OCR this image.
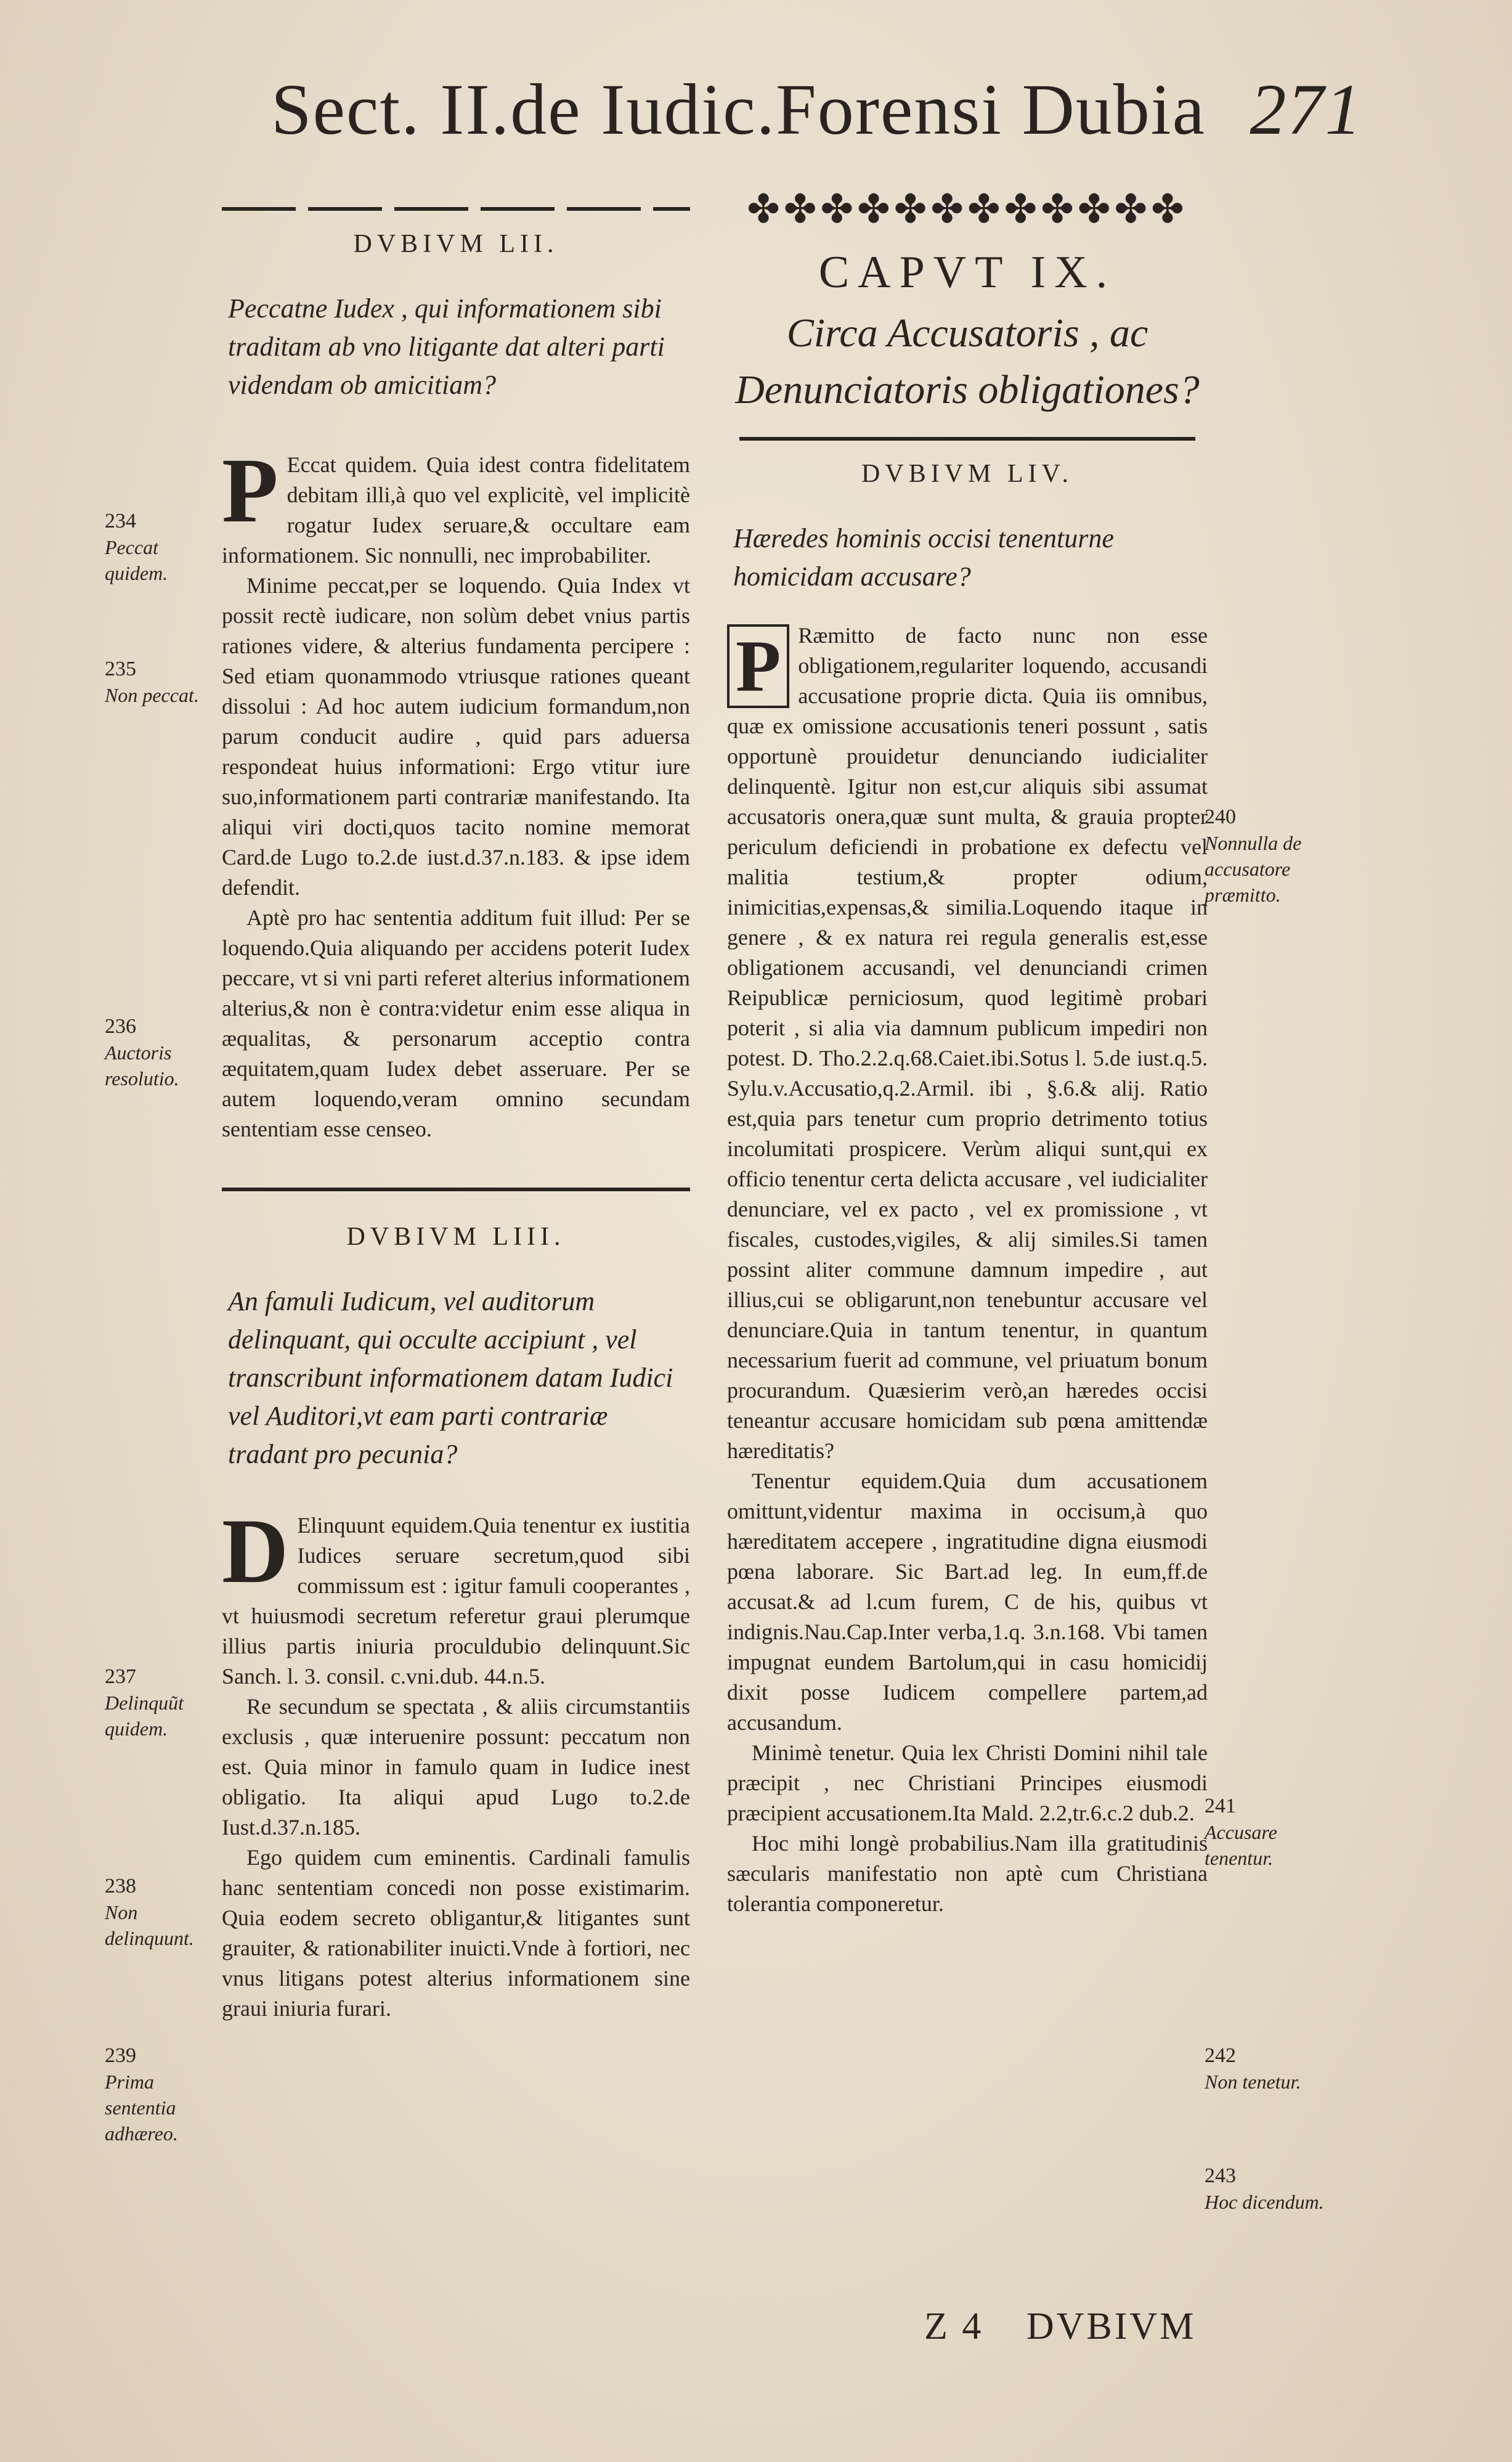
Sect. II.de Iudic.Forensi Dubia 271
DVBIVM LII.
Peccatne Iudex , qui informationem sibi traditam ab vno litigante dat alteri parti videndam ob amicitiam?

P Eccat quidem. Quia idest contra fidelitatem debitam illi,à quo vel explicitè, vel implicitè rogatur Iudex seruare,& occultare eam informationem. Sic nonnulli, nec improbabiliter.

Minime peccat,per se loquendo. Quia Index vt possit rectè iudicare, non solùm debet vnius partis rationes videre, & alterius fundamenta percipere : Sed etiam quonammodo vtriusque rationes queant dissolui : Ad hoc autem iudicium formandum,non parum conducit audire , quid pars aduersa respondeat huius informationi: Ergo vtitur iure suo,informationem parti contrariæ manifestando. Ita aliqui viri docti,quos tacito nomine memorat Card.de Lugo to.2.de iust.d.37.n.183. & ipse idem defendit.

Aptè pro hac sententia additum fuit illud: Per se loquendo.Quia aliquando per accidens poterit Iudex peccare, vt si vni parti referet alterius informationem alterius,& non è contra:videtur enim esse aliqua in æqualitas, & personarum acceptio contra æquitatem,quam Iudex debet asseruare. Per se autem loquendo,veram omnino secundam sententiam esse censeo.

DVBIVM LIII.
An famuli Iudicum, vel auditorum delinquant, qui occulte accipiunt , vel transcribunt informationem datam Iudici vel Auditori,vt eam parti contrariæ tradant pro pecunia?

D Elinquunt equidem.Quia tenentur ex iustitia Iudices seruare secretum,quod sibi commissum est : igitur famuli cooperantes , vt huiusmodi secretum referetur graui plerumque illius partis iniuria proculdubio delinquunt.Sic Sanch. l. 3. consil. c.vni.dub. 44.n.5.

Re secundum se spectata , & aliis circumstantiis exclusis , quæ interuenire possunt: peccatum non est. Quia minor in famulo quam in Iudice inest obligatio. Ita aliqui apud Lugo to.2.de Iust.d.37.n.185.

Ego quidem cum eminentis. Cardinali famulis hanc sententiam concedi non posse existimarim. Quia eodem secreto obligantur,& litigantes sunt grauiter, & rationabiliter inuicti.Vnde à fortiori, nec vnus litigans potest alterius informationem sine graui iniuria furari.

234
Peccat quidem.
235
Non peccat.
236
Auctoris resolutio.
237
Delinquũt quidem.
238
Non delinquunt.
239
Prima sententia adhæreo.
✤✤✤✤✤✤✤✤✤✤✤✤
CAPVT IX.
Circa Accusatoris , ac Denunciatoris obligationes?
DVBIVM LIV.
Hæredes hominis occisi tenenturne homicidam accusare?

P Ræmitto de facto nunc non esse obligationem,regulariter loquendo, accusandi accusatione proprie dicta. Quia iis omnibus, quæ ex omissione accusationis teneri possunt , satis opportunè prouidetur denunciando iudicialiter delinquentè. Igitur non est,cur aliquis sibi assumat accusatoris onera,quæ sunt multa, & grauia propter periculum deficiendi in probatione ex defectu vel malitia testium,& propter odium, inimicitias,expensas,& similia.Loquendo itaque in genere , & ex natura rei regula generalis est,esse obligationem accusandi, vel denunciandi crimen Reipublicæ perniciosum, quod legitimè probari poterit , si alia via damnum publicum impediri non potest. D. Tho.2.2.q.68.Caiet.ibi.Sotus l. 5.de iust.q.5. Sylu.v.Accusatio,q.2.Armil. ibi , §.6.& alij. Ratio est,quia pars tenetur cum proprio detrimento totius incolumitati prospicere. Verùm aliqui sunt,qui ex officio tenentur certa delicta accusare , vel iudicialiter denunciare, vel ex pacto , vel ex promissione , vt fiscales, custodes,vigiles, & alij similes.Si tamen possint aliter commune damnum impedire , aut illius,cui se obligarunt,non tenebuntur accusare vel denunciare.Quia in tantum tenentur, in quantum necessarium fuerit ad commune, vel priuatum bonum procurandum. Quæsierim verò,an hæredes occisi teneantur accusare homicidam sub pœna amittendæ hæreditatis?

Tenentur equidem.Quia dum accusationem omittunt,videntur maxima in occisum,à quo hæreditatem accepere , ingratitudine digna eiusmodi pœna laborare. Sic Bart.ad leg. In eum,ff.de accusat.& ad l.cum furem, C de his, quibus vt indignis.Nau.Cap.Inter verba,1.q. 3.n.168. Vbi tamen impugnat eundem Bartolum,qui in casu homicidij dixit posse Iudicem compellere partem,ad accusandum.

Minimè tenetur. Quia lex Christi Domini nihil tale præcipit , nec Christiani Principes eiusmodi præcipient accusationem.Ita Mald. 2.2,tr.6.c.2 dub.2.

Hoc mihi longè probabilius.Nam illa gratitudinis sæcularis manifestatio non aptè cum Christiana tolerantia componeretur.

240
Nonnulla de accusatore præmitto.
241
Accusare tenentur.
242
Non tenetur.
243
Hoc dicendum.
Z 4 DVBIVM
